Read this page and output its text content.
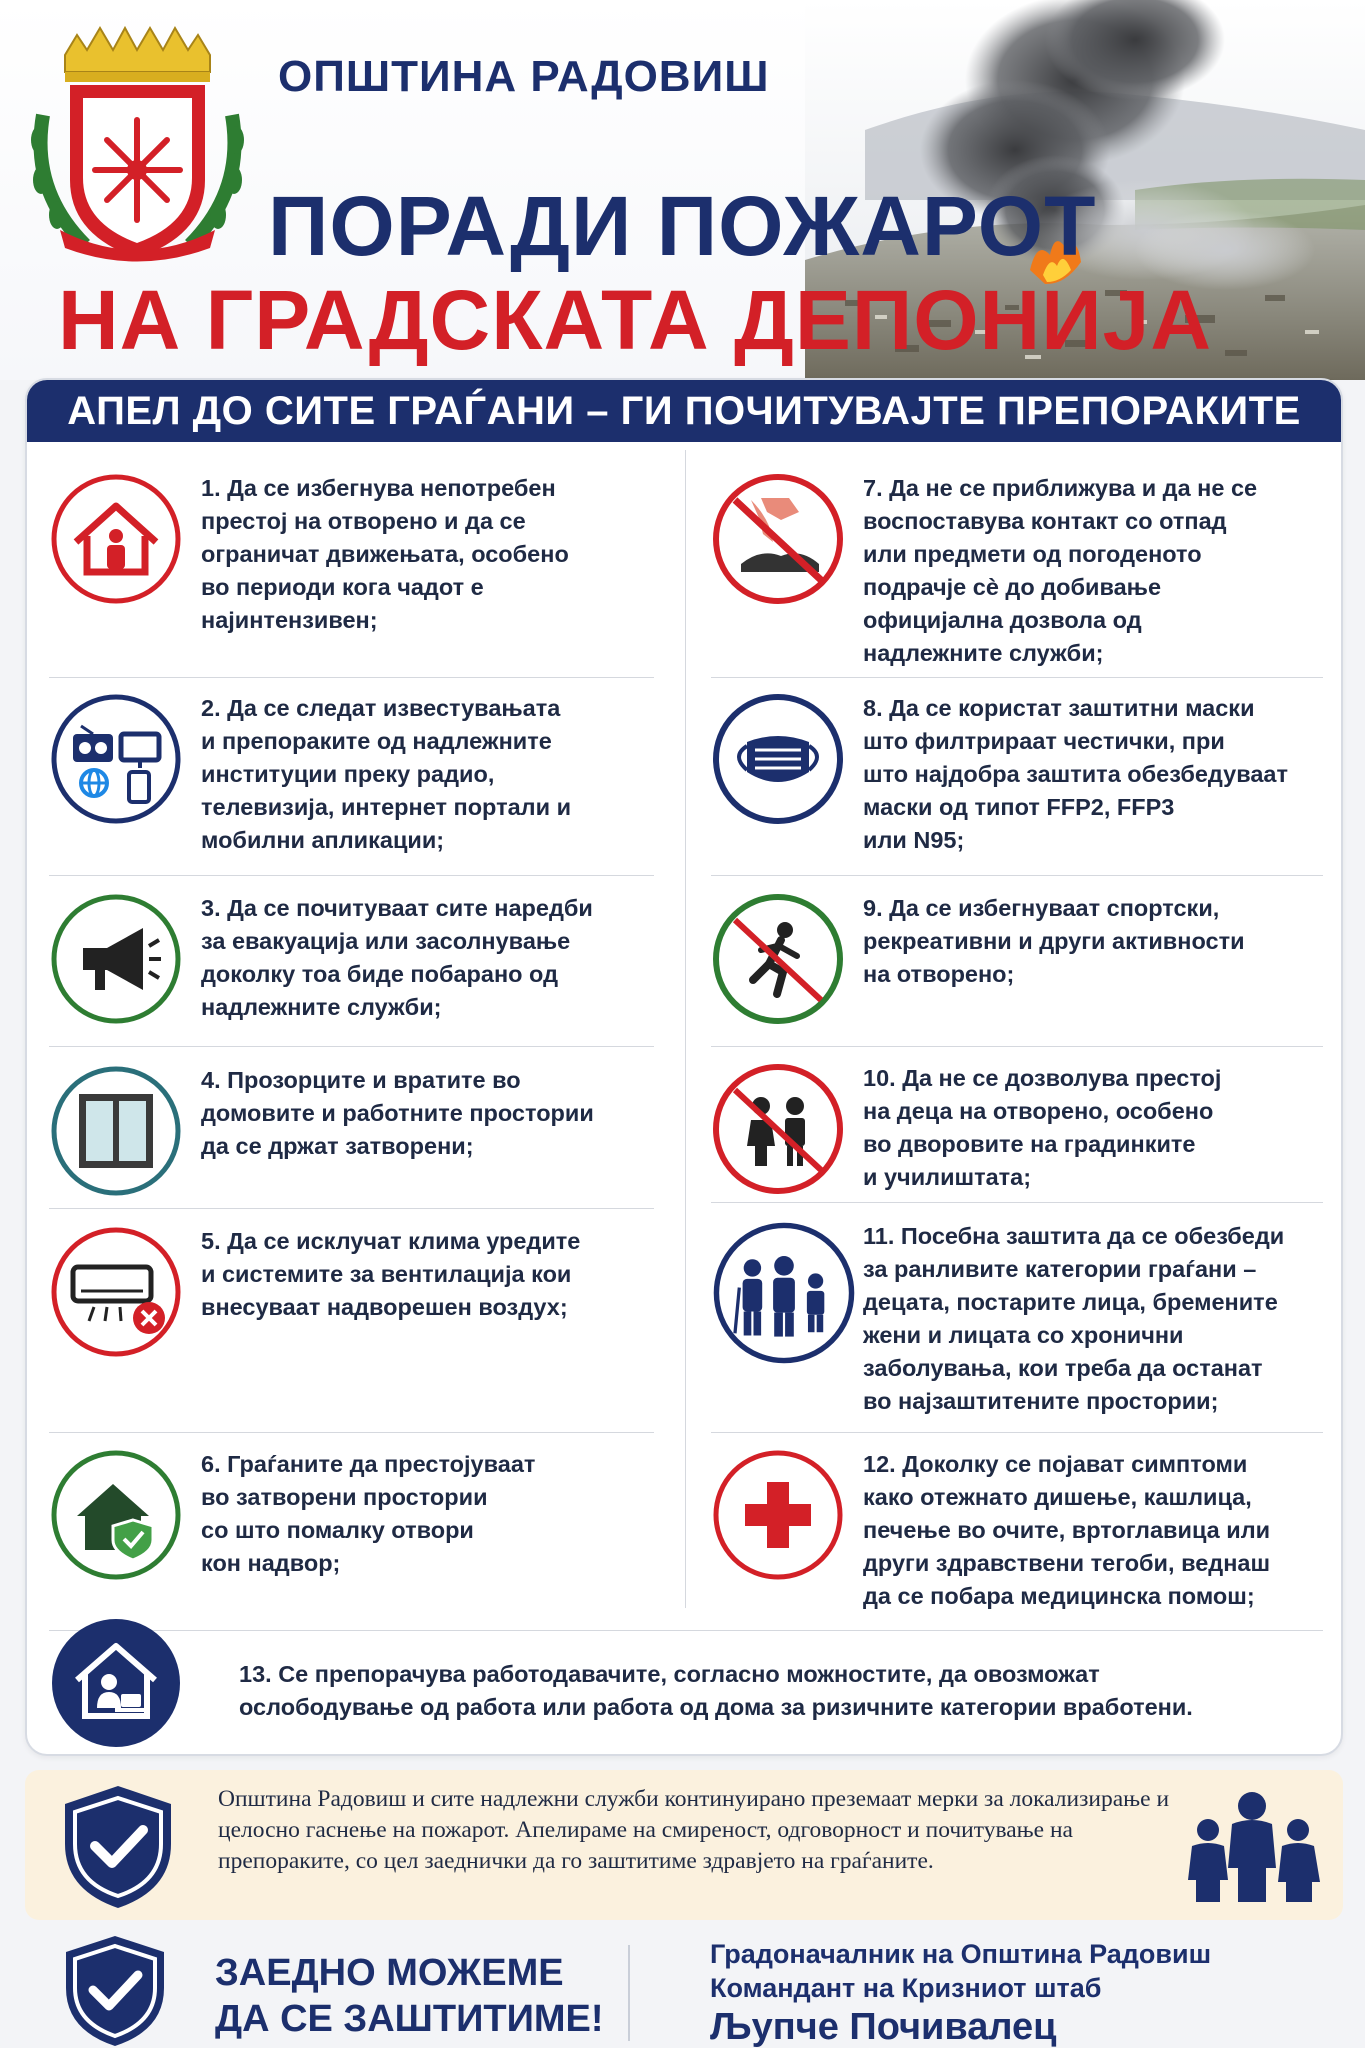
ОПШТИНА РАДОВИШ
ПОРАДИ ПОЖАРОТ
НА ГРАДСКАТА ДЕПОНИЈА
АПЕЛ ДО СИТЕ ГРАЃАНИ – ГИ ПОЧИТУВАЈТЕ ПРЕПОРАКИТЕ
1. Да се избегнува непотребен
престој на отворено и да се
ограничат движењата, особено
во периоди кога чадот е
најинтензивен;
2. Да се следат известувањата
и препораките од надлежните
институции преку радио,
телевизија, интернет портали и
мобилни апликации;
3. Да се почитуваат сите наредби
за евакуација или засолнување
доколку тоа биде побарано од
надлежните служби;
4. Прозорците и вратите во
домовите и работните простории
да се држат затворени;
5. Да се исклучат клима уредите
и системите за вентилација кои
внесуваат надворешен воздух;
6. Граѓаните да престојуваат
во затворени простории
со што помалку отвори
кон надвор;
7. Да не се приближува и да не се
воспоставува контакт со отпад
или предмети од погоденото
подрачје сè до добивање
официјална дозвола од
надлежните служби;
8. Да се користат заштитни маски
што филтрираат честички, при
што најдобра заштита обезбедуваат
маски од типот FFP2, FFP3
или N95;
9. Да се избегнуваат спортски,
рекреативни и други активности
на отворено;
10. Да не се дозволува престој
на деца на отворено, особено
во дворовите на градинките
и училиштата;
11. Посебна заштита да се обезбеди
за ранливите категории граѓани –
децата, постарите лица, бремените
жени и лицата со хронични
заболувања, кои треба да останат
во најзаштитените простории;
12. Доколку се појават симптоми
како отежнато дишење, кашлица,
печење во очите, вртоглавица или
други здравствени тегоби, веднаш
да се побара медицинска помош;
13. Се препорачува работодавачите, согласно можностите, да овозможат
ослободување од работа или работа од дома за ризичните категории вработени.
Општина Радовиш и сите надлежни служби континуирано преземаат мерки за локализирање и целосно гаснење на пожарот. Апелираме на смиреност, одговорност и почитување на препораките, со цел заеднички да го заштитиме здравјето на граѓаните.
ЗАЕДНО МОЖЕМЕ
ДА СЕ ЗАШТИТИМЕ!
Градоначалник на Општина Радовиш
Командант на Кризниот штаб
Љупче Почивалец
